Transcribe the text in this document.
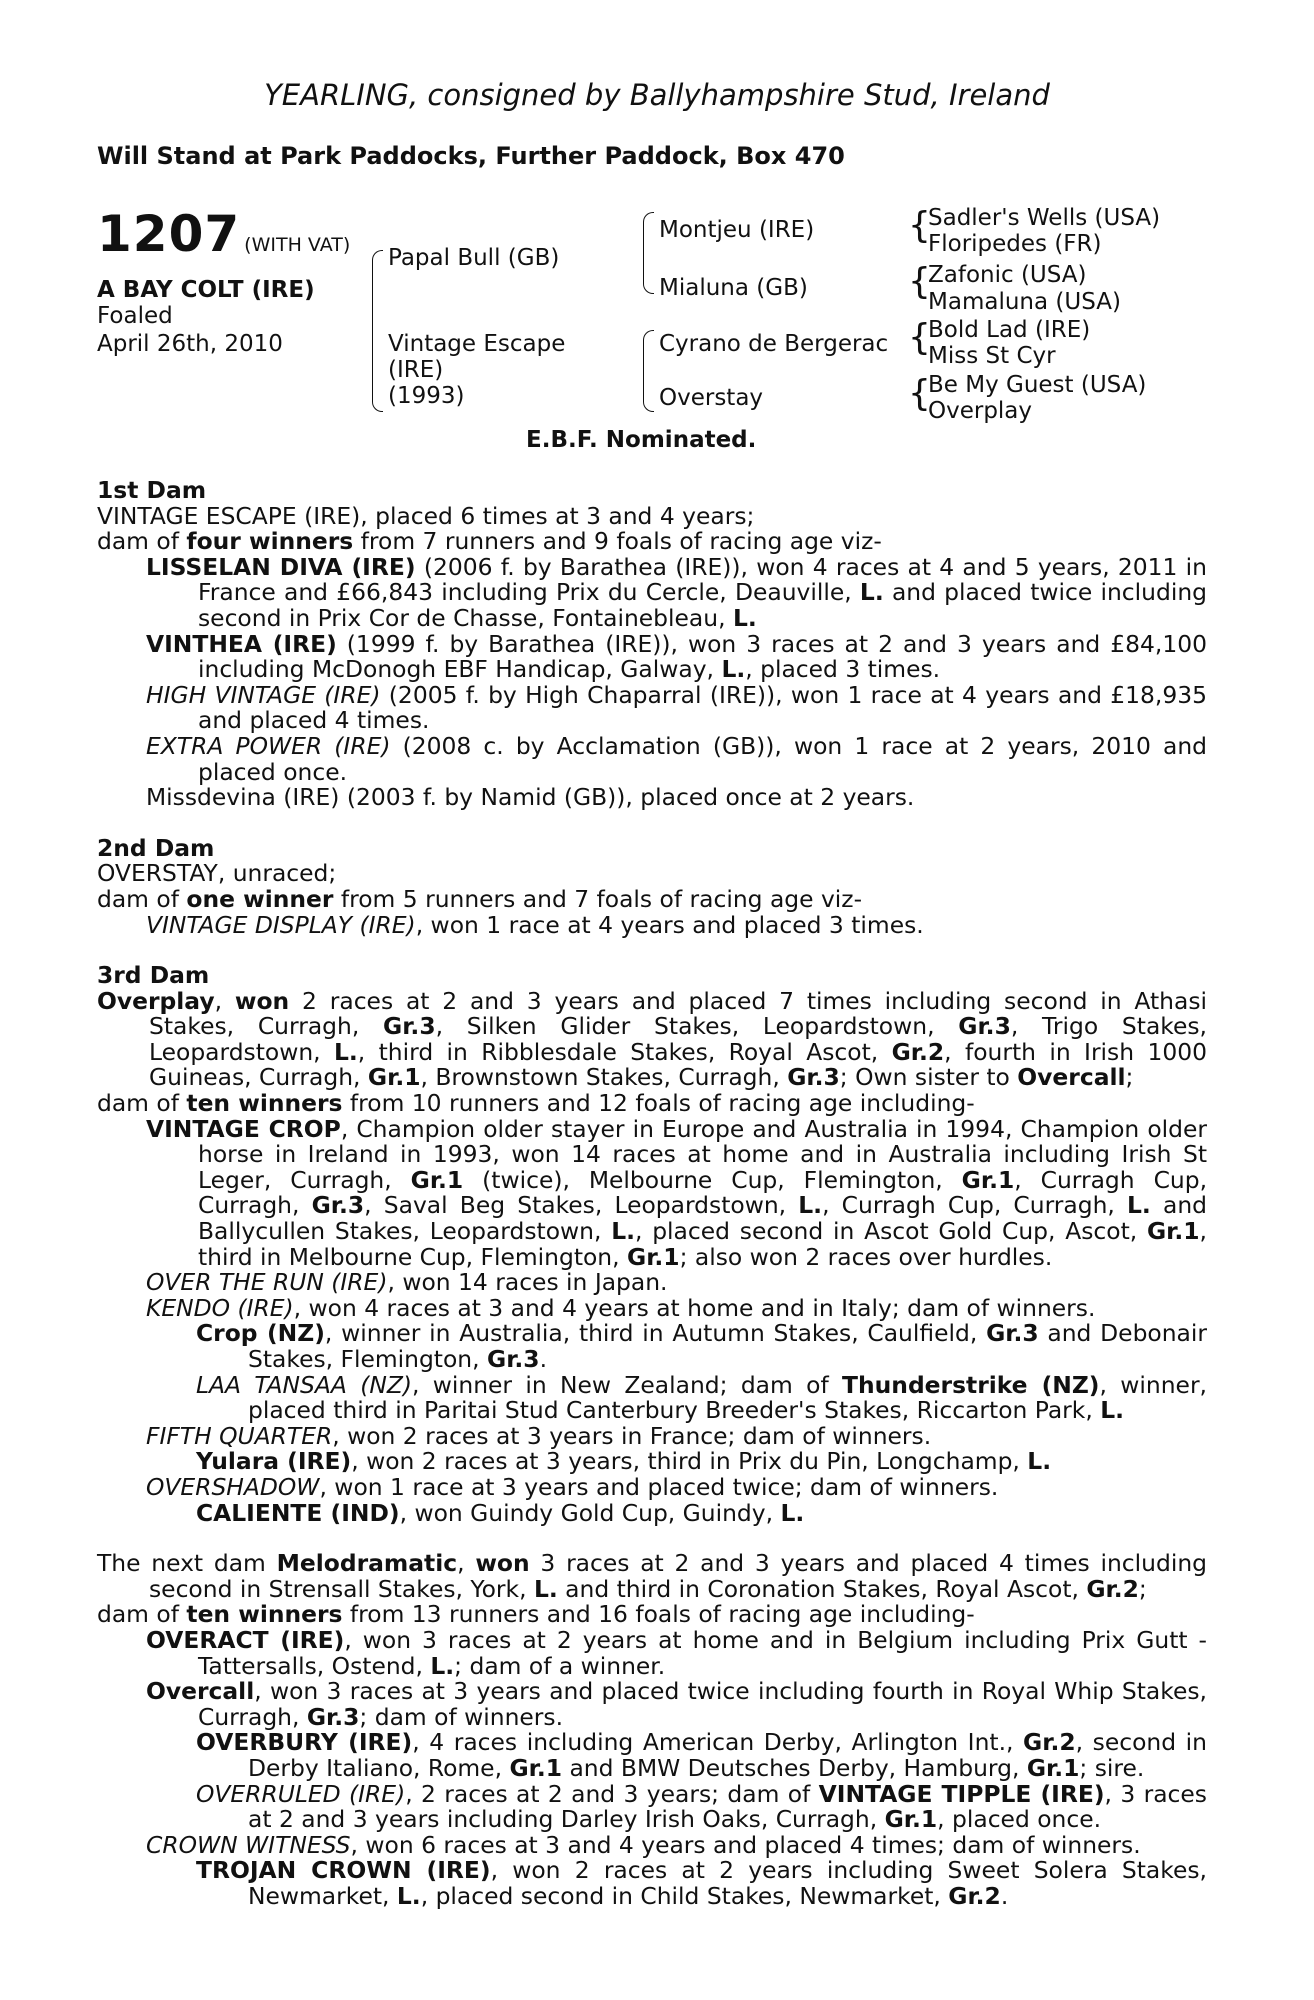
YEARLING, consigned by Ballyhampshire Stud, Ireland
Will Stand at Park Paddocks, Further Paddock, Box 470
1207 (WITH VAT)
A BAY COLT (IRE)
Foaled
April 26th, 2010
{
{
{
{
Papal Bull (GB)
Vintage Escape
(IRE)
(1993)
Montjeu (IRE)
Mialuna (GB)
Cyrano de Bergerac
Overstay
Sadler's Wells (USA)
Floripedes (FR)
Zafonic (USA)
Mamaluna (USA)
Bold Lad (IRE)
Miss St Cyr
Be My Guest (USA)
Overplay
E.B.F. Nominated.

1st Dam

VINTAGE ESCAPE (IRE), placed 6 times at 3 and 4 years;

dam of four winners from 7 runners and 9 foals of racing age viz-

LISSELAN DIVA (IRE) (2006 f. by Barathea (IRE)), won 4 races at 4 and 5 years, 2011 in France and £66,843 including Prix du Cercle, Deauville, L. and placed twice including second in Prix Cor de Chasse, Fontainebleau, L.

VINTHEA (IRE) (1999 f. by Barathea (IRE)), won 3 races at 2 and 3 years and £84,100 including McDonogh EBF Handicap, Galway, L., placed 3 times.

HIGH VINTAGE (IRE) (2005 f. by High Chaparral (IRE)), won 1 race at 4 years and £18,935 and placed 4 times.

EXTRA POWER (IRE) (2008 c. by Acclamation (GB)), won 1 race at 2 years, 2010 and placed once.

Missdevina (IRE) (2003 f. by Namid (GB)), placed once at 2 years.

2nd Dam

OVERSTAY, unraced;

dam of one winner from 5 runners and 7 foals of racing age viz-

VINTAGE DISPLAY (IRE), won 1 race at 4 years and placed 3 times.

3rd Dam

Overplay, won 2 races at 2 and 3 years and placed 7 times including second in Athasi Stakes, Curragh, Gr.3, Silken Glider Stakes, Leopardstown, Gr.3, Trigo Stakes, Leopardstown, L., third in Ribblesdale Stakes, Royal Ascot, Gr.2, fourth in Irish 1000 Guineas, Curragh, Gr.1, Brownstown Stakes, Curragh, Gr.3; Own sister to Overcall;

dam of ten winners from 10 runners and 12 foals of racing age including-

VINTAGE CROP, Champion older stayer in Europe and Australia in 1994, Champion older horse in Ireland in 1993, won 14 races at home and in Australia including Irish St Leger, Curragh, Gr.1 (twice), Melbourne Cup, Flemington, Gr.1, Curragh Cup, Curragh, Gr.3, Saval Beg Stakes, Leopardstown, L., Curragh Cup, Curragh, L. and Ballycullen Stakes, Leopardstown, L., placed second in Ascot Gold Cup, Ascot, Gr.1, third in Melbourne Cup, Flemington, Gr.1; also won 2 races over hurdles.

OVER THE RUN (IRE), won 14 races in Japan.

KENDO (IRE), won 4 races at 3 and 4 years at home and in Italy; dam of winners.

Crop (NZ), winner in Australia, third in Autumn Stakes, Caulfield, Gr.3 and Debonair Stakes, Flemington, Gr.3.

LAA TANSAA (NZ), winner in New Zealand; dam of Thunderstrike (NZ), winner, placed third in Paritai Stud Canterbury Breeder's Stakes, Riccarton Park, L.

FIFTH QUARTER, won 2 races at 3 years in France; dam of winners.

Yulara (IRE), won 2 races at 3 years, third in Prix du Pin, Longchamp, L.

OVERSHADOW, won 1 race at 3 years and placed twice; dam of winners.

CALIENTE (IND), won Guindy Gold Cup, Guindy, L.

The next dam Melodramatic, won 3 races at 2 and 3 years and placed 4 times including second in Strensall Stakes, York, L. and third in Coronation Stakes, Royal Ascot, Gr.2;

dam of ten winners from 13 runners and 16 foals of racing age including-

OVERACT (IRE), won 3 races at 2 years at home and in Belgium including Prix Gutt - Tattersalls, Ostend, L.; dam of a winner.

Overcall, won 3 races at 3 years and placed twice including fourth in Royal Whip Stakes, Curragh, Gr.3; dam of winners.

OVERBURY (IRE), 4 races including American Derby, Arlington Int., Gr.2, second in Derby Italiano, Rome, Gr.1 and BMW Deutsches Derby, Hamburg, Gr.1; sire.

OVERRULED (IRE), 2 races at 2 and 3 years; dam of VINTAGE TIPPLE (IRE), 3 races at 2 and 3 years including Darley Irish Oaks, Curragh, Gr.1, placed once.

CROWN WITNESS, won 6 races at 3 and 4 years and placed 4 times; dam of winners.

TROJAN CROWN (IRE), won 2 races at 2 years including Sweet Solera Stakes, Newmarket, L., placed second in Child Stakes, Newmarket, Gr.2.
